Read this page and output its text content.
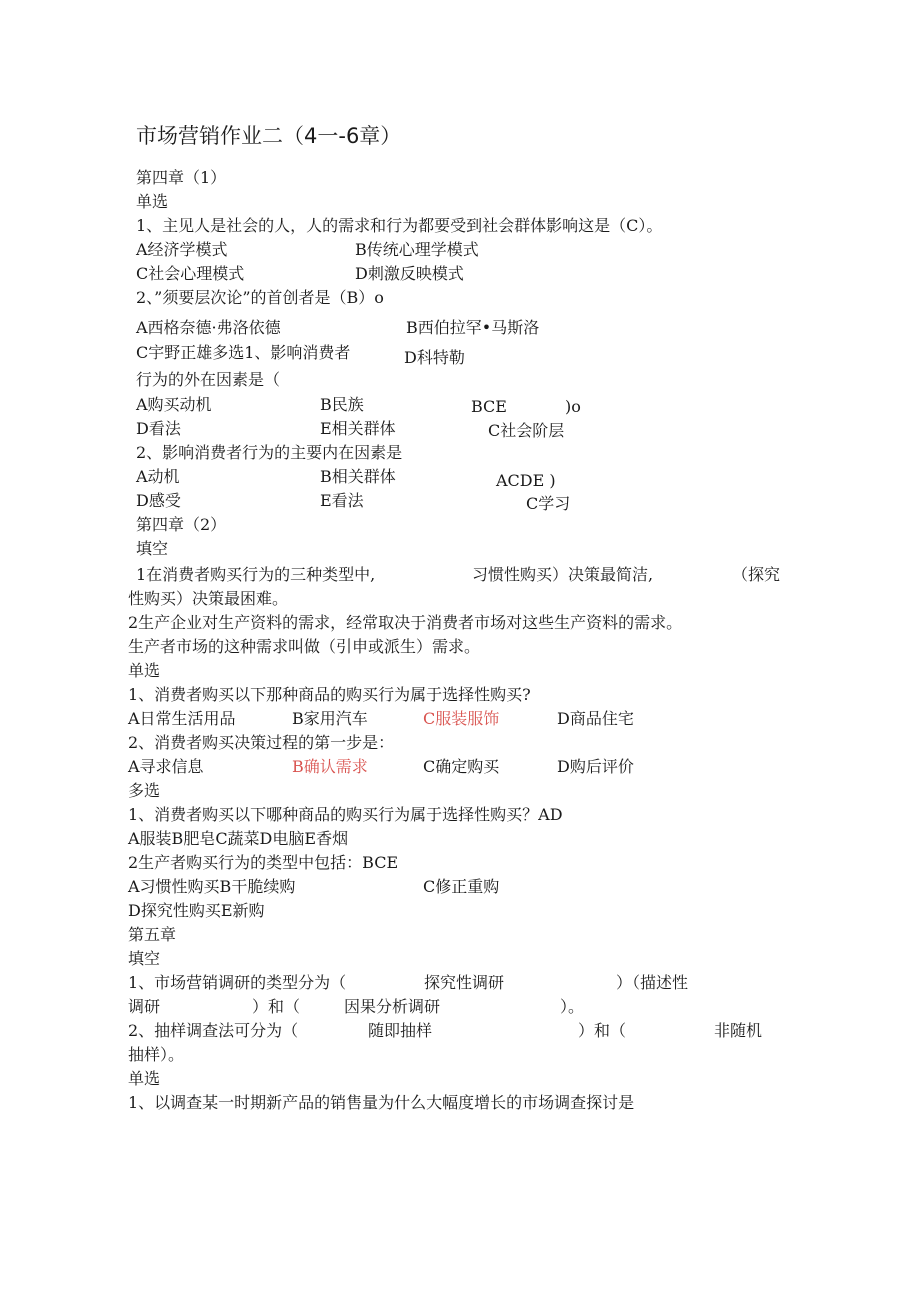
市场营销作业二（4一-6章）
第四章（1）
单选
1、主见人是社会的人，人的需求和行为都要受到社会群体影响这是（C）。
A经济学模式	B传统心理学模式
C社会心理模式	D刺激反映模式
2、”须要层次论”的首创者是（B）o
A西格奈德·弗洛依德	B西伯拉罕•马斯洛
C宇野正雄多选1、影响消费者	D科特勒
行为的外在因素是（
A购买动机	B民族	BCE	)o
D看法	E相关群体	C社会阶层
2、影响消费者行为的主要内在因素是
A动机	B相关群体	ACDE )
D感受	E看法	C学习
第四章（2）
填空
1在消费者购买行为的三种类型中,	习惯性购买）决策最简洁,	（探究
性购买）决策最困难。
2生产企业对生产资料的需求，经常取决于消费者市场对这些生产资料的需求。
生产者市场的这种需求叫做（引申或派生）需求。
单选
1、消费者购买以下那种商品的购买行为属于选择性购买?
A日常生活用品	B家用汽车	C服装服饰	D商品住宅
2、消费者购买决策过程的第一步是：
A寻求信息	B确认需求	C确定购买	D购后评价
多选
1、消费者购买以下哪种商品的购买行为属于选择性购买？AD
A服装B肥皂C蔬菜D电脑E香烟
2生产者购买行为的类型中包括：BCE
A习惯性购买B干脆续购	C修正重购
D探究性购买E新购
第五章
填空
1、市场营销调研的类型分为（	探究性调研	）（描述性
调研	）和（	因果分析调研	）。
2、抽样调查法可分为（	随即抽样	）和（	非随机
抽样）。
单选
1、以调查某一时期新产品的销售量为什么大幅度增长的市场调查探讨是
